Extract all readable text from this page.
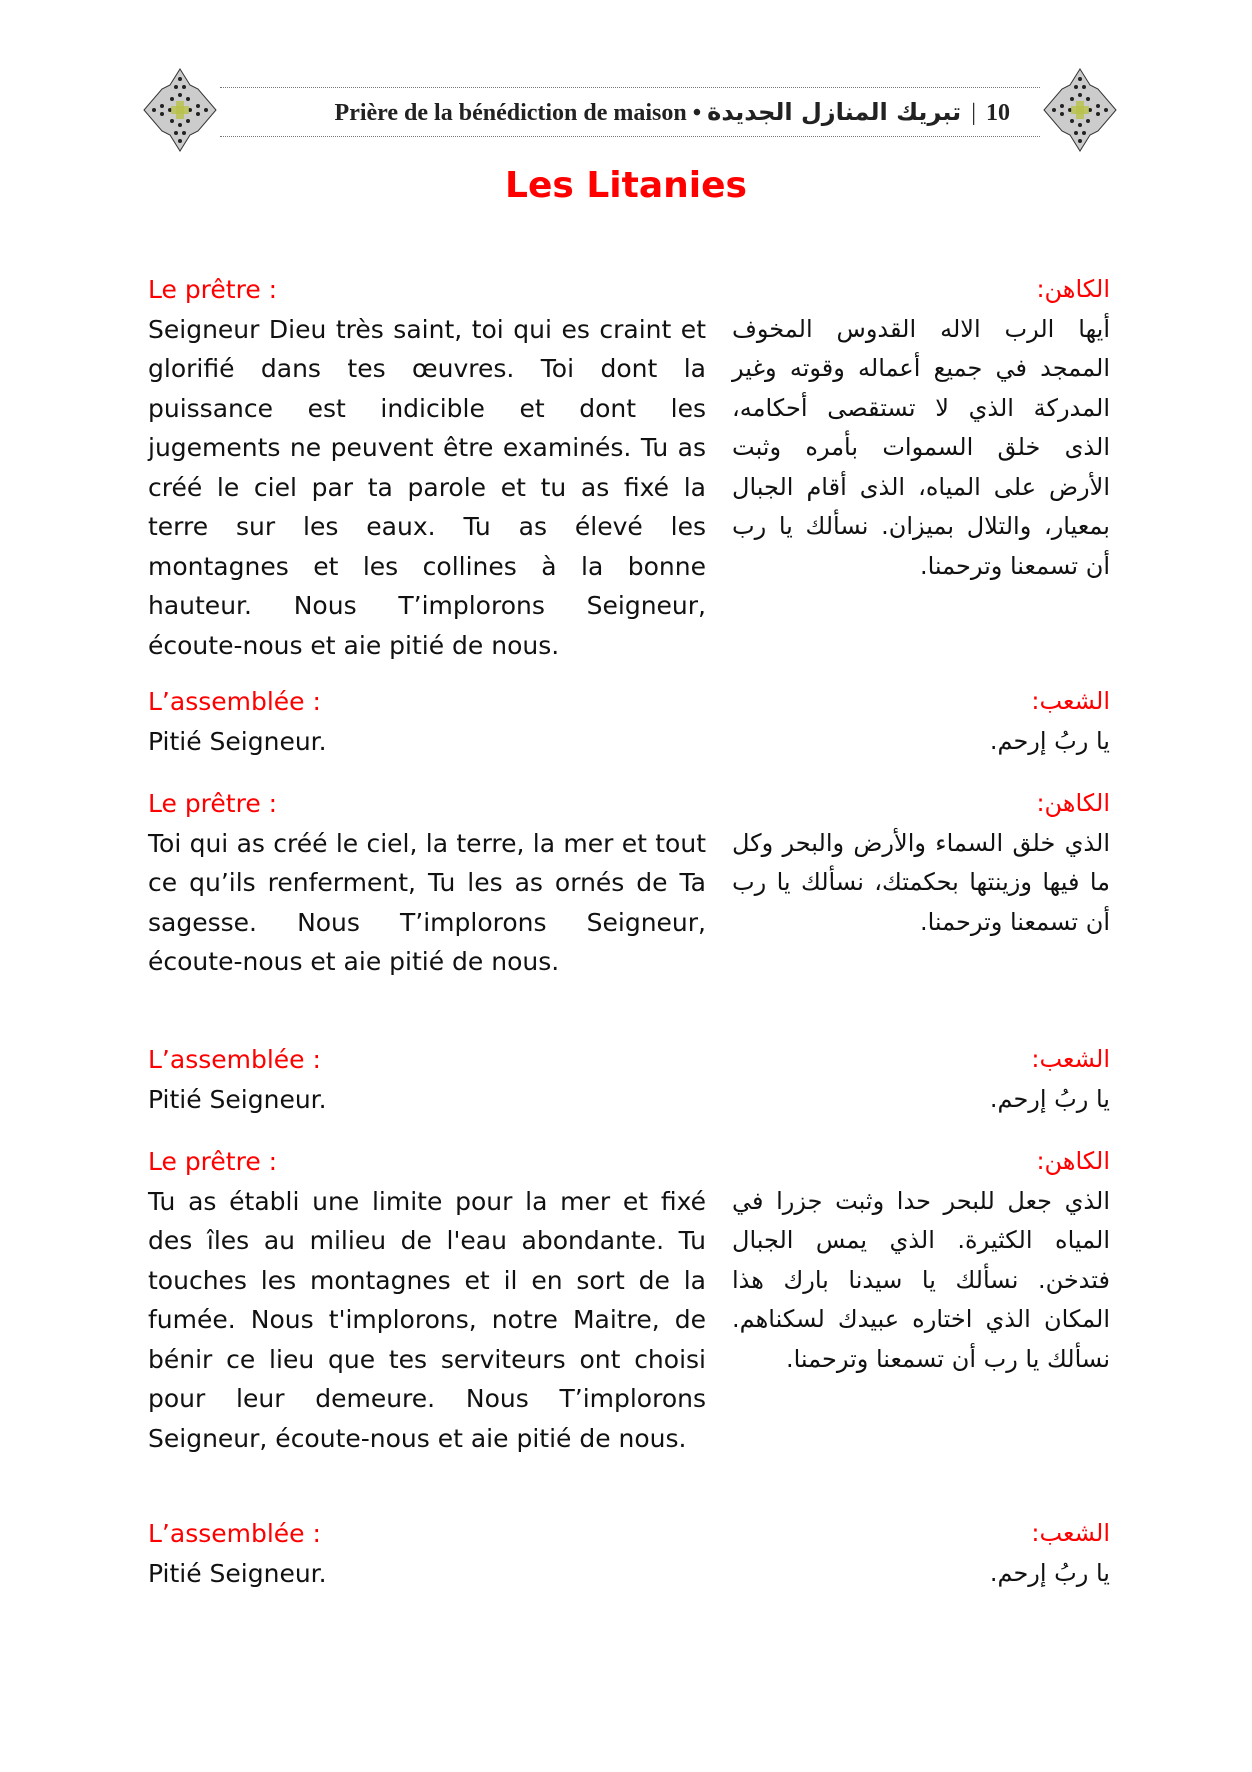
Prière de la bénédiction de maison • تبريك المنازل الجديدة | 10
Les Litanies
Le prêtre :
Seigneur Dieu très saint, toi qui es craint et glorifié dans tes œuvres. Toi dont la puissance est indicible et dont les jugements ne peuvent être examinés. Tu as créé le ciel par ta parole et tu as fixé la terre sur les eaux. Tu as élevé les montagnes et les collines à la bonne hauteur. Nous T’implorons Seigneur, écoute-nous et aie pitié de nous.
الكاهن:
أيها الرب الاله القدوس المخوف الممجد في جميع أعماله وقوته وغير المدركة الذي لا تستقصى أحكامه، الذى خلق السموات بأمره وثبت الأرض على المياه، الذى أقام الجبال بمعيار، والتلال بميزان. نسألك يا رب أن تسمعنا وترحمنا.
L’assemblée :
Pitié Seigneur.
الشعب:
يا ربُ إرحم.
Le prêtre :
Toi qui as créé le ciel, la terre, la mer et tout ce qu’ils renferment, Tu les as ornés de Ta sagesse. Nous T’implorons Seigneur, écoute-nous et aie pitié de nous.
الكاهن:
الذي خلق السماء والأرض والبحر وكل ما فيها وزينتها بحكمتك، نسألك يا رب أن تسمعنا وترحمنا.
L’assemblée :
Pitié Seigneur.
الشعب:
يا ربُ إرحم.
Le prêtre :
Tu as établi une limite pour la mer et fixé des îles au milieu de l'eau abondante. Tu touches les montagnes et il en sort de la fumée. Nous t'implorons, notre Maitre, de bénir ce lieu que tes serviteurs ont choisi pour leur demeure. Nous T’implorons Seigneur, écoute-nous et aie pitié de nous.
الكاهن:
الذي جعل للبحر حدا وثبت جزرا في المياه الكثيرة. الذي يمس الجبال فتدخن. نسألك يا سيدنا بارك هذا المكان الذي اختاره عبيدك لسكناهم. نسألك يا رب أن تسمعنا وترحمنا.
L’assemblée :
Pitié Seigneur.
الشعب:
يا ربُ إرحم.
